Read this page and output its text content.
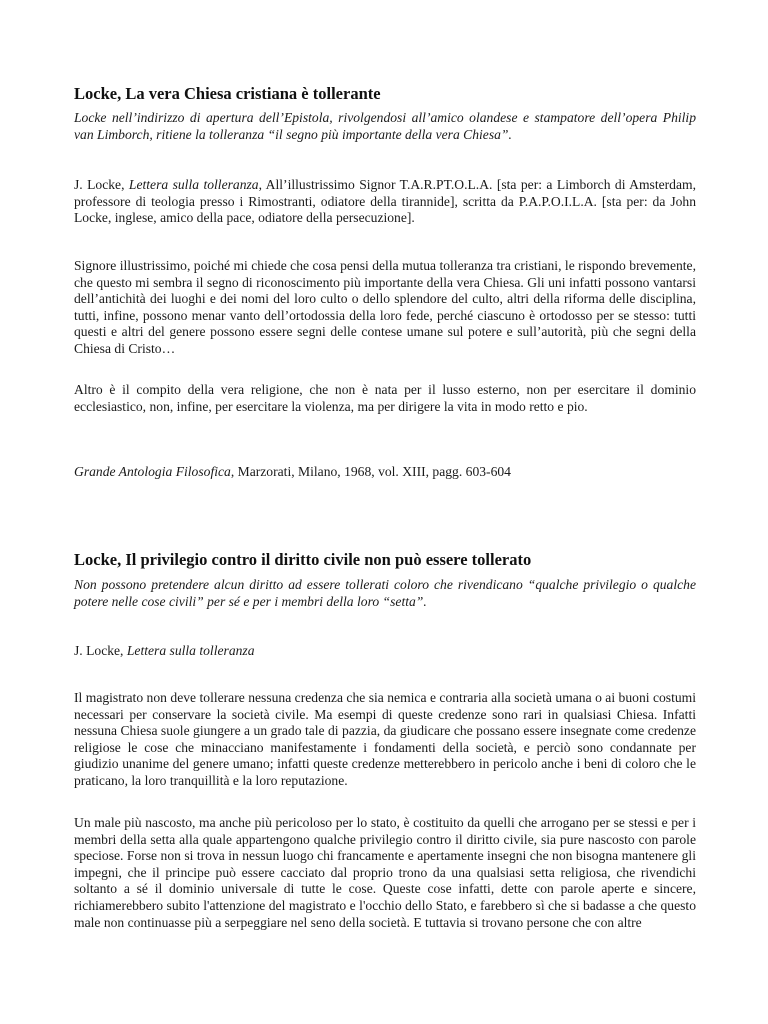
Locke, La vera Chiesa cristiana è tollerante

Locke nell’indirizzo di apertura dell’Epistola, rivolgendosi all’amico olandese e stampatore dell’opera Philip van Limborch, ritiene la tolleranza “il segno più importante della vera Chiesa”.

J. Locke, Lettera sulla tolleranza, All’illustrissimo Signor T.A.R.PT.O.L.A. [sta per: a Limborch di Amsterdam, professore di teologia presso i Rimostranti, odiatore della tirannide], scritta da P.A.P.O.I.L.A. [sta per: da John Locke, inglese, amico della pace, odiatore della persecuzione].

Signore illustrissimo, poiché mi chiede che cosa pensi della mutua tolleranza tra cristiani, le rispondo brevemente, che questo mi sembra il segno di riconoscimento più importante della vera Chiesa. Gli uni infatti possono vantarsi dell’antichità dei luoghi e dei nomi del loro culto o dello splendore del culto, altri della riforma delle disciplina, tutti, infine, possono menar vanto dell’ortodossia della loro fede, perché ciascuno è ortodosso per se stesso: tutti questi e altri del genere possono essere segni delle contese umane sul potere e sull’autorità, più che segni della Chiesa di Cristo…

Altro è il compito della vera religione, che non è nata per il lusso esterno, non per esercitare il dominio ecclesiastico, non, infine, per esercitare la violenza, ma per dirigere la vita in modo retto e pio.

Grande Antologia Filosofica, Marzorati, Milano, 1968, vol. XIII, pagg. 603-604

Locke, Il privilegio contro il diritto civile non può essere tollerato

Non possono pretendere alcun diritto ad essere tollerati coloro che rivendicano “qualche privilegio o qualche potere nelle cose civili” per sé e per i membri della loro “setta”.

J. Locke, Lettera sulla tolleranza

Il magistrato non deve tollerare nessuna credenza che sia nemica e contraria alla società umana o ai buoni costumi necessari per conservare la società civile. Ma esempi di queste credenze sono rari in qualsiasi Chiesa. Infatti nessuna Chiesa suole giungere a un grado tale di pazzia, da giudicare che possano essere insegnate come credenze religiose le cose che minacciano manifestamente i fondamenti della società, e perciò sono condannate per giudizio unanime del genere umano; infatti queste credenze metterebbero in pericolo anche i beni di coloro che le praticano, la loro tranquillità e la loro reputazione.

Un male più nascosto, ma anche più pericoloso per lo stato, è costituito da quelli che arrogano per se stessi e per i membri della setta alla quale appartengono qualche privilegio contro il diritto civile, sia pure nascosto con parole speciose. Forse non si trova in nessun luogo chi francamente e apertamente insegni che non bisogna mantenere gli impegni, che il principe può essere cacciato dal proprio trono da una qualsiasi setta religiosa, che rivendichi soltanto a sé il dominio universale di tutte le cose. Queste cose infatti, dette con parole aperte e sincere, richiamerebbero subito l'attenzione del magistrato e l'occhio dello Stato, e farebbero sì che si badasse a che questo male non continuasse più a serpeggiare nel seno della società. E tuttavia si trovano persone che con altre
